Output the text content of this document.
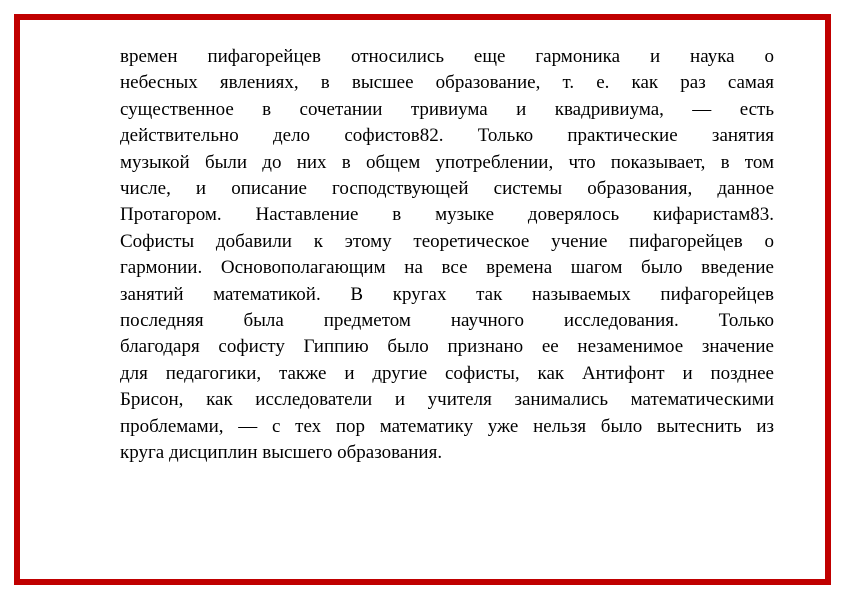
времен пифагорейцев относились еще гармоника и наука о
небесных явлениях, в высшее образование, т. е. как раз самая
существенное в сочетании тривиума и квадривиума, — есть
действительно дело софистов82. Только практические занятия
музыкой были до них в общем употреблении, что показывает, в том
числе, и описание господствующей системы образования, данное
Протагором. Наставление в музыке доверялось кифаристам83.
Софисты добавили к этому теоретическое учение пифагорейцев о
гармонии. Основополагающим на все времена шагом было введение
занятий математикой. В кругах так называемых пифагорейцев
последняя была предметом научного исследования. Только
благодаря софисту Гиппию было признано ее незаменимое значение
для педагогики, также и другие софисты, как Антифонт и позднее
Брисон, как исследователи и учителя занимались математическими
проблемами, — с тех пор математику уже нельзя было вытеснить из
круга дисциплин высшего образования.
